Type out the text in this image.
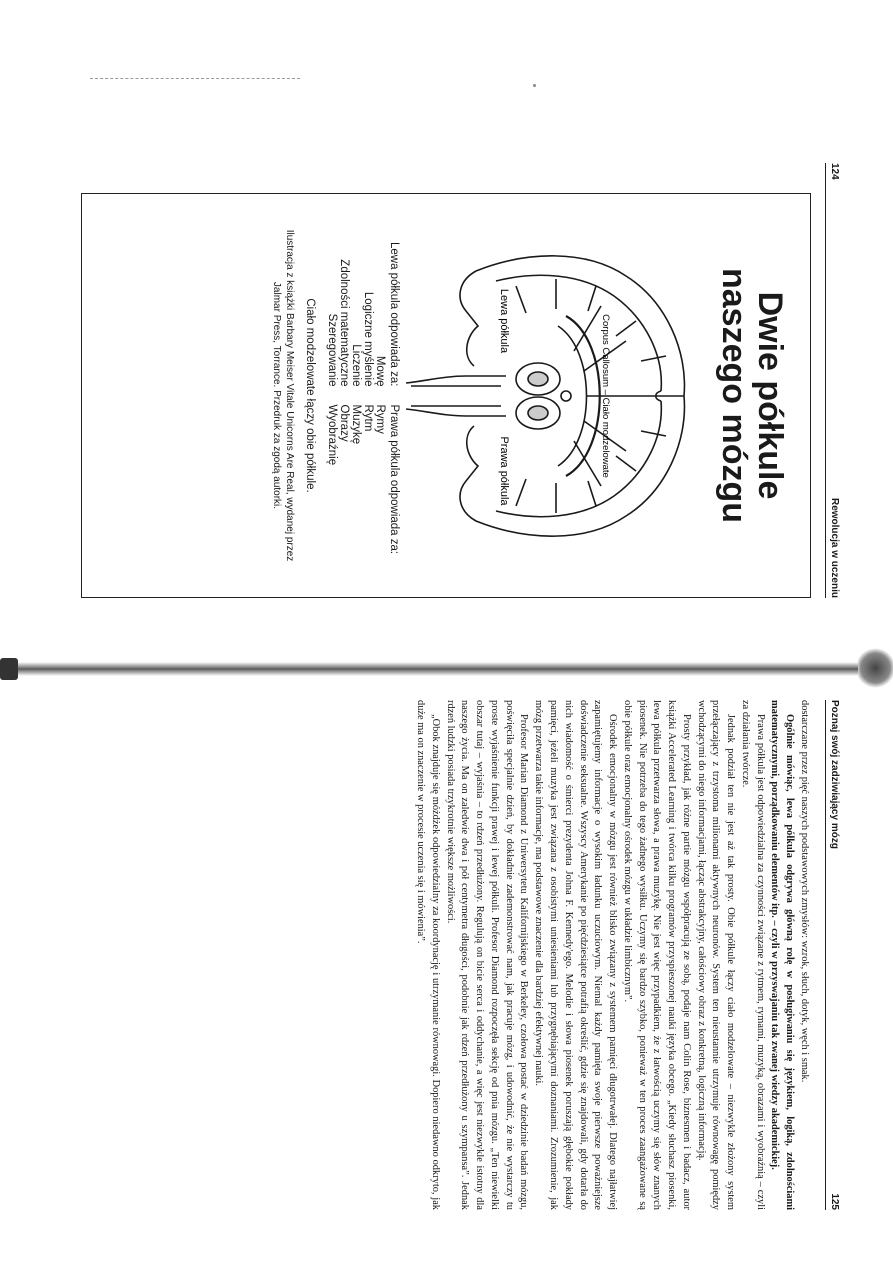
124
Rewolucja w uczeniu
Dwie półkule
naszego mózgu
Corpus Callosum – Ciało modzelowate
Lewa półkula
Prawa półkula
Lewa półkula odpowiada za:
Mowę
Logiczne myślenie
Liczenie
Zdolności matematyczne
Szeregowanie
Prawa półkula odpowiada za:
Rymy
Rytm
Muzykę
Obrazy
Wyobraźnię
Ciało modzelowate łączy obie półkule.
Ilustracja z książki Barbary Meiser Vitale Unicorns Are Real, wydanej przez Jalmar Press, Torrance. Przedruk za zgodą autorki.
Poznaj swój zadziwiający mózg
125

dostarczane przez pięć naszych podstawowych zmysłów: wzrok, słuch, dotyk, węch i smak.

Ogólnie mówiąc, lewa półkula odgrywa główną rolę w posługiwaniu się językiem, logiką, zdolnościami matematycznymi, porządkowaniu elementów itp. – czyli w przyswajaniu tak zwanej wiedzy akademickiej.

Prawa półkula jest odpowiedzialna za czynności związane z rytmem, rymami, muzyką, obrazami i wyobraźnią – czyli za działania twórcze.

Jednak podział ten nie jest aż tak prosty. Obie półkule łączy ciało modzelowate – niezwykle złożony system przełączający z trzystoma milionami aktywnych neuronów. System ten nieustannie utrzymuje równowagę pomiędzy wchodzącymi do niego informacjami, łącząc abstrakcyjny, całościowy obraz z konkretną, logiczną informacją.

Prosty przykład, jak różne partie mózgu współpracują ze sobą, podaje nam Colin Rose, biznesmen i badacz, autor książki Accelerated Learning i twórca kilku programów przyspieszonej nauki języka obcego. „Kiedy słuchasz piosenki, lewa półkula przetwarza słowa, a prawa muzykę. Nie jest więc przypadkiem, że z łatwością uczymy się słów znanych piosenek. Nie potrzeba do tego żadnego wysiłku. Uczymy się bardzo szybko, ponieważ w ten proces zaangażowane są obie półkule oraz emocjonalny ośrodek mózgu w układzie limbicznym”.

Ośrodek emocjonalny w mózgu jest również blisko związany z systemem pamięci długotrwałej. Dlatego najłatwiej zapamiętujemy informacje o wysokim ładunku uczuciowym. Niemal każdy pamięta swoje pierwsze poważniejsze doświadczenie seksualne. Wszyscy Amerykanie po pięćdziesiątce potrafią określić, gdzie się znajdowali, gdy dotarła do nich wiadomość o śmierci prezydenta Johna F. Kennedy'ego. Melodie i słowa piosenek poruszają głębokie pokłady pamięci, jeżeli muzyka jest związana z osobistymi uniesieniami lub przygnębiającymi doznaniami. Zrozumienie, jak mózg przetwarza takie informacje, ma podstawowe znaczenie dla bardziej efektywnej nauki.

Profesor Marian Diamond z Uniwersytetu Kalifornijskiego w Berkeley, czołowa postać w dziedzinie badań mózgu, poświęciła specjalnie dzień, by dokładnie zademonstrować nam, jak pracuje mózg, i udowodnić, że nie wystarczy tu proste wyjaśnienie funkcji prawej i lewej półkuli. Profesor Diamond rozpoczęła sekcję od pnia mózgu. „Ten niewielki obszar tutaj – wyjaśnia – to rdzeń przedłużony. Regulują on bicie serca i oddychanie, a więc jest niezwykle istotny dla naszego życia. Ma on zaledwie dwa i pół centymetra długości, podobnie jak rdzeń przedłużony u szympansa”. Jednak rdzeń ludzki posiada trzykrotnie większe możliwości.

„Obok znajduje się móżdżek odpowiedzialny za koordynację i utrzymanie równowagi. Dopiero niedawno odkryto, jak duże ma on znaczenie w procesie uczenia się i mówienia”.
